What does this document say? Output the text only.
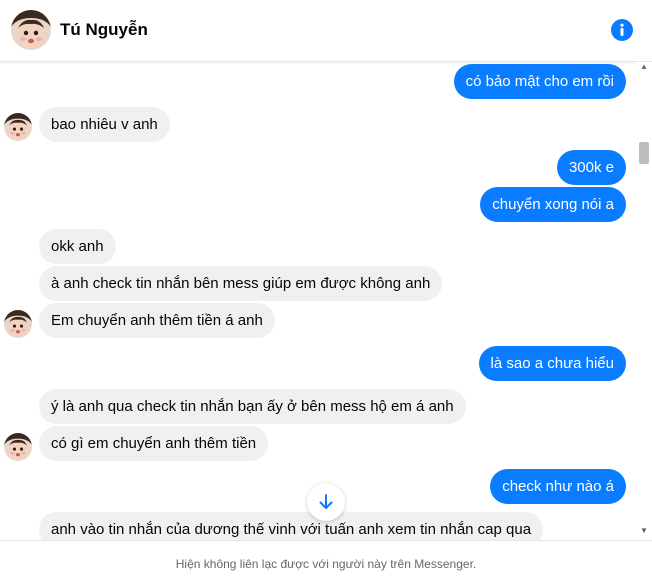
Tú Nguyễn
có bảo mật cho em rồi
bao nhiêu v anh
300k e
chuyển xong nói a
okk anh
à anh check tin nhắn bên mess giúp em được không anh
Em chuyển anh thêm tiền á anh
là sao a chưa hiểu
ý là anh qua check tin nhắn bạn ấy ở bên mess hộ em á anh
có gì em chuyển anh thêm tiền
check như nào á
anh vào tin nhắn của dương thế vinh với tuấn anh xem tin nhắn cap qua
▲
▼
Hiện không liên lạc được với người này trên Messenger.
